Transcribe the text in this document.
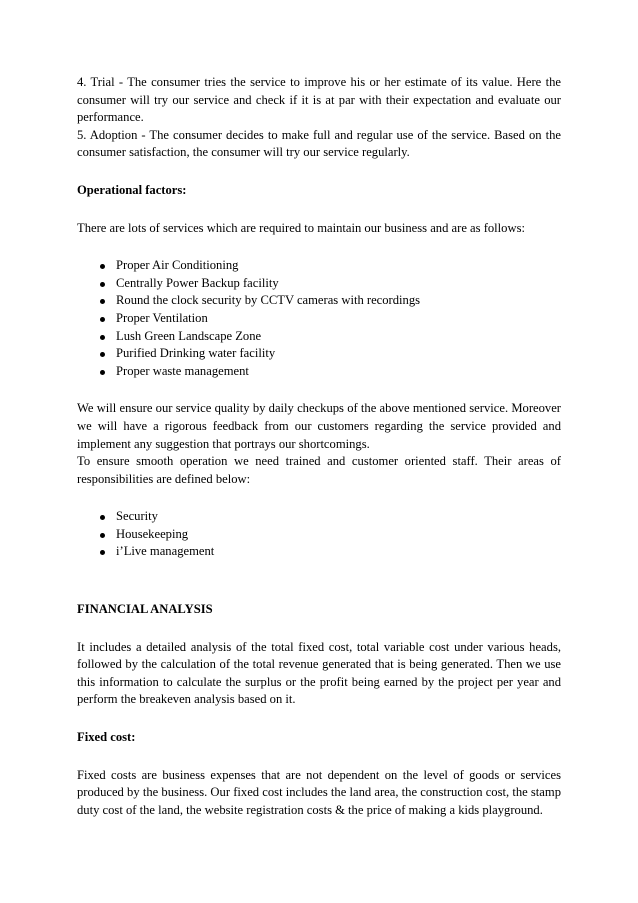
4. Trial - The consumer tries the service to improve his or her estimate of its value. Here the consumer will try our service and check if it is at par with their expectation and evaluate our performance.

5. Adoption - The consumer decides to make full and regular use of the service. Based on the consumer satisfaction, the consumer will try our service regularly.

Operational factors:

There are lots of services which are required to maintain our business and are as follows:

Proper Air Conditioning
Centrally Power Backup facility
Round the clock security by CCTV cameras with recordings
Proper Ventilation
Lush Green Landscape Zone
Purified Drinking water facility
Proper waste management

We will ensure our service quality by daily checkups of the above mentioned service. Moreover we will have a rigorous feedback from our customers regarding the service provided and implement any suggestion that portrays our shortcomings.

To ensure smooth operation we need trained and customer oriented staff. Their areas of responsibilities are defined below:

Security
Housekeeping
i’Live management

FINANCIAL ANALYSIS

It includes a detailed analysis of the total fixed cost, total variable cost under various heads, followed by the calculation of the total revenue generated that is being generated. Then we use this information to calculate the surplus or the profit being earned by the project per year and perform the breakeven analysis based on it.

Fixed cost:

Fixed costs are business expenses that are not dependent on the level of goods or services produced by the business. Our fixed cost includes the land area, the construction cost, the stamp duty cost of the land, the website registration costs & the price of making a kids playground.
